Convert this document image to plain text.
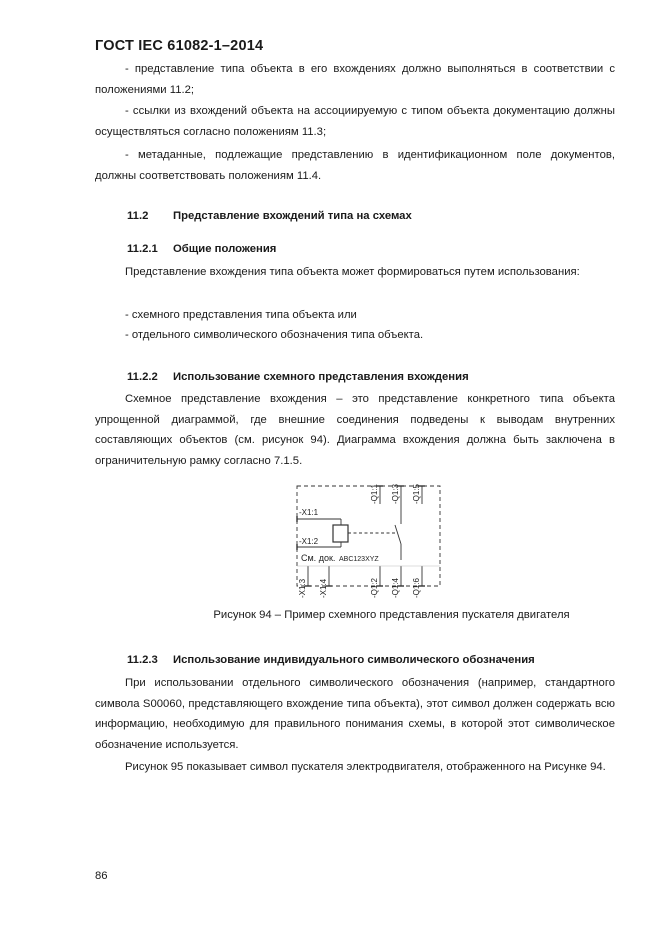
ГОСТ IEC 61082-1–2014

- представление типа объекта в его вхождениях должно выполняться в соответствии с положениями 11.2;

- ссылки из вхождений объекта на ассоциируемую с типом объекта документацию должны осуществляться согласно положениям 11.3;

- метаданные, подлежащие представлению в идентификационном поле документов, должны соответствовать положениям 11.4.

11.2 Представление вхождений типа на схемах
11.2.1 Общие положения

Представление вхождения типа объекта может формироваться путем использования:

- схемного представления типа объекта или

- отдельного символического обозначения типа объекта.

11.2.2 Использование схемного представления вхождения

Схемное представление вхождения – это представление конкретного типа объекта упрощенной диаграммой, где внешние соединения подведены к выводам внутренних составляющих объектов (см. рисунок 94). Диаграмма вхождения должна быть заключена в ограничительную рамку согласно 7.1.5.

-X1:1
-X1:2
См. док. ABC123XYZ
-Q1:1 -Q1:3 -Q1:5
-X1:3 -X1:4	-Q1:2 -Q1:4 -Q1:6
Рисунок 94 – Пример схемного представления пускателя двигателя
11.2.3 Использование индивидуального символического обозначения

При использовании отдельного символического обозначения (например, стандартного символа S00060, представляющего вхождение типа объекта), этот символ должен содержать всю информацию, необходимую для правильного понимания схемы, в которой этот символическое обозначение используется.

Рисунок 95 показывает символ пускателя электродвигателя, отображенного на Рисунке 94.

86
